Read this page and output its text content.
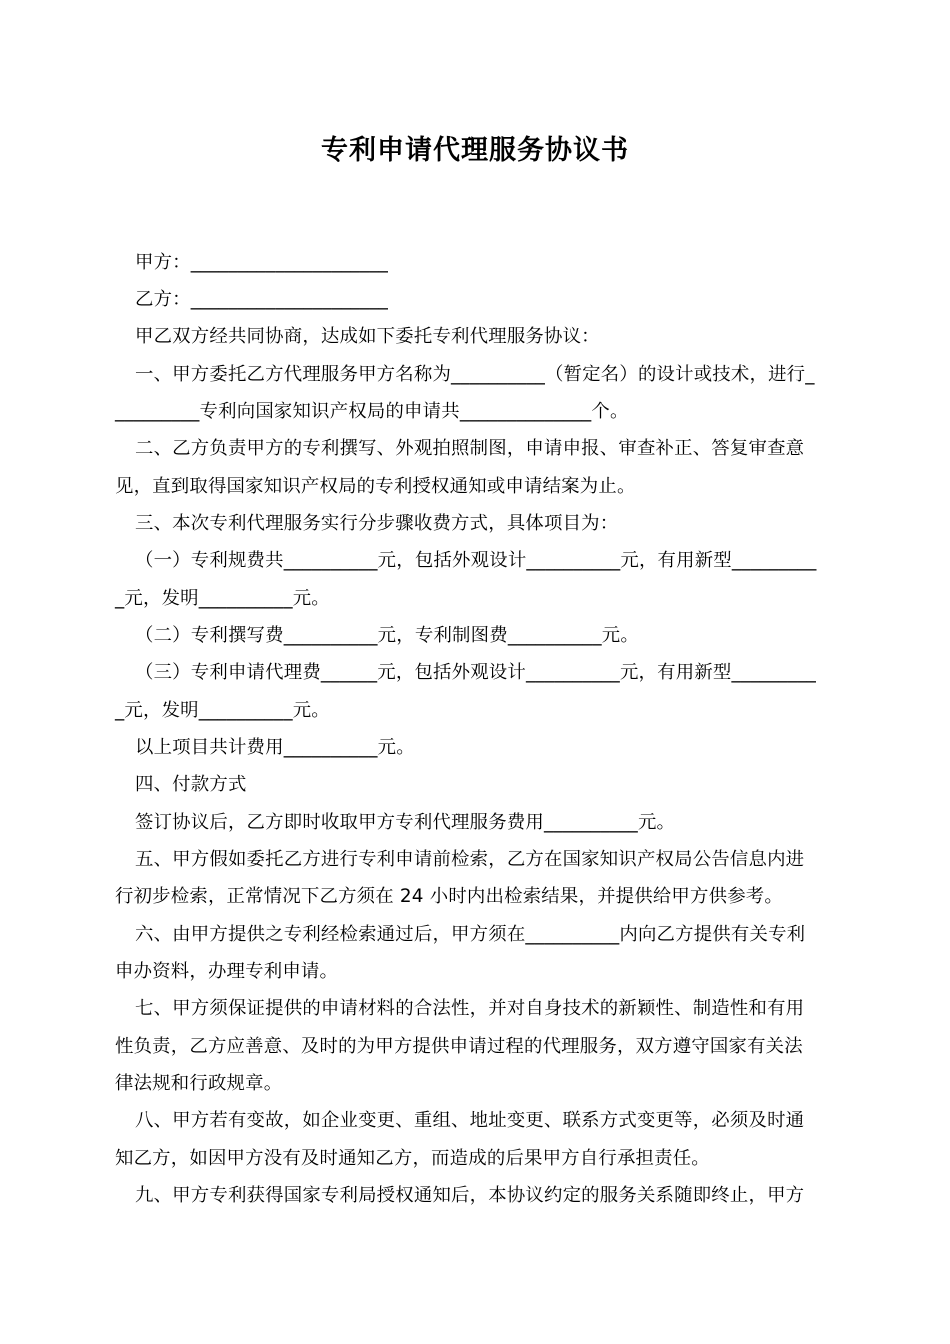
专利申请代理服务协议书
甲方：_____________________
乙方：_____________________
甲乙双方经共同协商，达成如下委托专利代理服务协议：
一、甲方委托乙方代理服务甲方名称为__________（暂定名）的设计或技术，进行_
_________专利向国家知识产权局的申请共______________个。
二、乙方负责甲方的专利撰写、外观拍照制图，申请申报、审查补正、答复审查意
见，直到取得国家知识产权局的专利授权通知或申请结案为止。
三、本次专利代理服务实行分步骤收费方式，具体项目为：
（一）专利规费共__________元，包括外观设计__________元，有用新型_________
_元，发明__________元。
（二）专利撰写费__________元，专利制图费__________元。
（三）专利申请代理费______元，包括外观设计__________元，有用新型_________
_元，发明__________元。
以上项目共计费用__________元。
四、付款方式
签订协议后，乙方即时收取甲方专利代理服务费用__________元。
五、甲方假如委托乙方进行专利申请前检索，乙方在国家知识产权局公告信息内进
行初步检索，正常情况下乙方须在 24 小时内出检索结果，并提供给甲方供参考。
六、由甲方提供之专利经检索通过后，甲方须在__________内向乙方提供有关专利
申办资料，办理专利申请。
七、甲方须保证提供的申请材料的合法性，并对自身技术的新颖性、制造性和有用
性负责，乙方应善意、及时的为甲方提供申请过程的代理服务，双方遵守国家有关法
律法规和行政规章。
八、甲方若有变故，如企业变更、重组、地址变更、联系方式变更等，必须及时通
知乙方，如因甲方没有及时通知乙方，而造成的后果甲方自行承担责任。
九、甲方专利获得国家专利局授权通知后，本协议约定的服务关系随即终止，甲方
